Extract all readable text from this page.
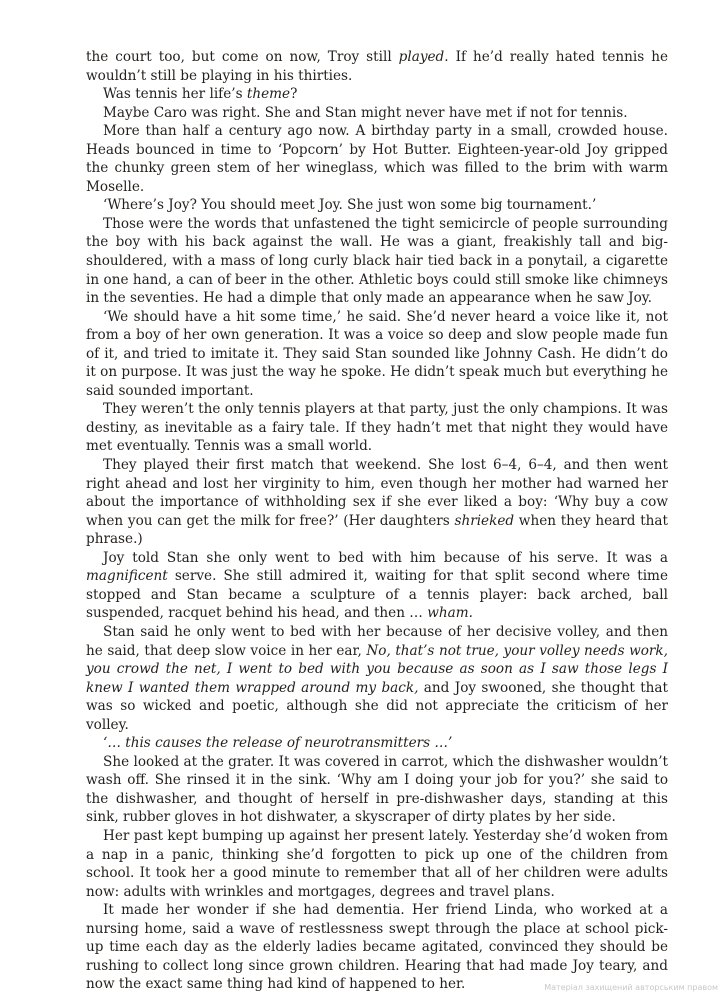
the court too, but come on now, Troy still played. If he’d really hated tennis he wouldn’t still be playing in his thirties.

Was tennis her life’s theme?

Maybe Caro was right. She and Stan might never have met if not for tennis.

More than half a century ago now. A birthday party in a small, crowded house. Heads bounced in time to ‘Popcorn’ by Hot Butter. Eighteen-year-old Joy gripped the chunky green stem of her wineglass, which was filled to the brim with warm Moselle.

‘Where’s Joy? You should meet Joy. She just won some big tournament.’

Those were the words that unfastened the tight semicircle of people surrounding the boy with his back against the wall. He was a giant, freakishly tall and big-shouldered, with a mass of long curly black hair tied back in a ponytail, a cigarette in one hand, a can of beer in the other. Athletic boys could still smoke like chimneys in the seventies. He had a dimple that only made an appearance when he saw Joy.

‘We should have a hit some time,’ he said. She’d never heard a voice like it, not from a boy of her own generation. It was a voice so deep and slow people made fun of it, and tried to imitate it. They said Stan sounded like Johnny Cash. He didn’t do it on purpose. It was just the way he spoke. He didn’t speak much but everything he said sounded important.

They weren’t the only tennis players at that party, just the only champions. It was destiny, as inevitable as a fairy tale. If they hadn’t met that night they would have met eventually. Tennis was a small world.

They played their first match that weekend. She lost 6–4, 6–4, and then went right ahead and lost her virginity to him, even though her mother had warned her about the importance of withholding sex if she ever liked a boy: ‘Why buy a cow when you can get the milk for free?’ (Her daughters shrieked when they heard that phrase.)

Joy told Stan she only went to bed with him because of his serve. It was a magnificent serve. She still admired it, waiting for that split second where time stopped and Stan became a sculpture of a tennis player: back arched, ball suspended, racquet behind his head, and then … wham.

Stan said he only went to bed with her because of her decisive volley, and then he said, that deep slow voice in her ear, No, that’s not true, your volley needs work, you crowd the net, I went to bed with you because as soon as I saw those legs I knew I wanted them wrapped around my back, and Joy swooned, she thought that was so wicked and poetic, although she did not appreciate the criticism of her volley.

‘… this causes the release of neurotransmitters …’

She looked at the grater. It was covered in carrot, which the dishwasher wouldn’t wash off. She rinsed it in the sink. ‘Why am I doing your job for you?’ she said to the dishwasher, and thought of herself in pre-dishwasher days, standing at this sink, rubber gloves in hot dishwater, a skyscraper of dirty plates by her side.

Her past kept bumping up against her present lately. Yesterday she’d woken from a nap in a panic, thinking she’d forgotten to pick up one of the children from school. It took her a good minute to remember that all of her children were adults now: adults with wrinkles and mortgages, degrees and travel plans.

It made her wonder if she had dementia. Her friend Linda, who worked at a nursing home, said a wave of restlessness swept through the place at school pick-up time each day as the elderly ladies became agitated, convinced they should be rushing to collect long since grown children. Hearing that had made Joy teary, and now the exact same thing had kind of happened to her.	Матеріал захищений авторським правом
